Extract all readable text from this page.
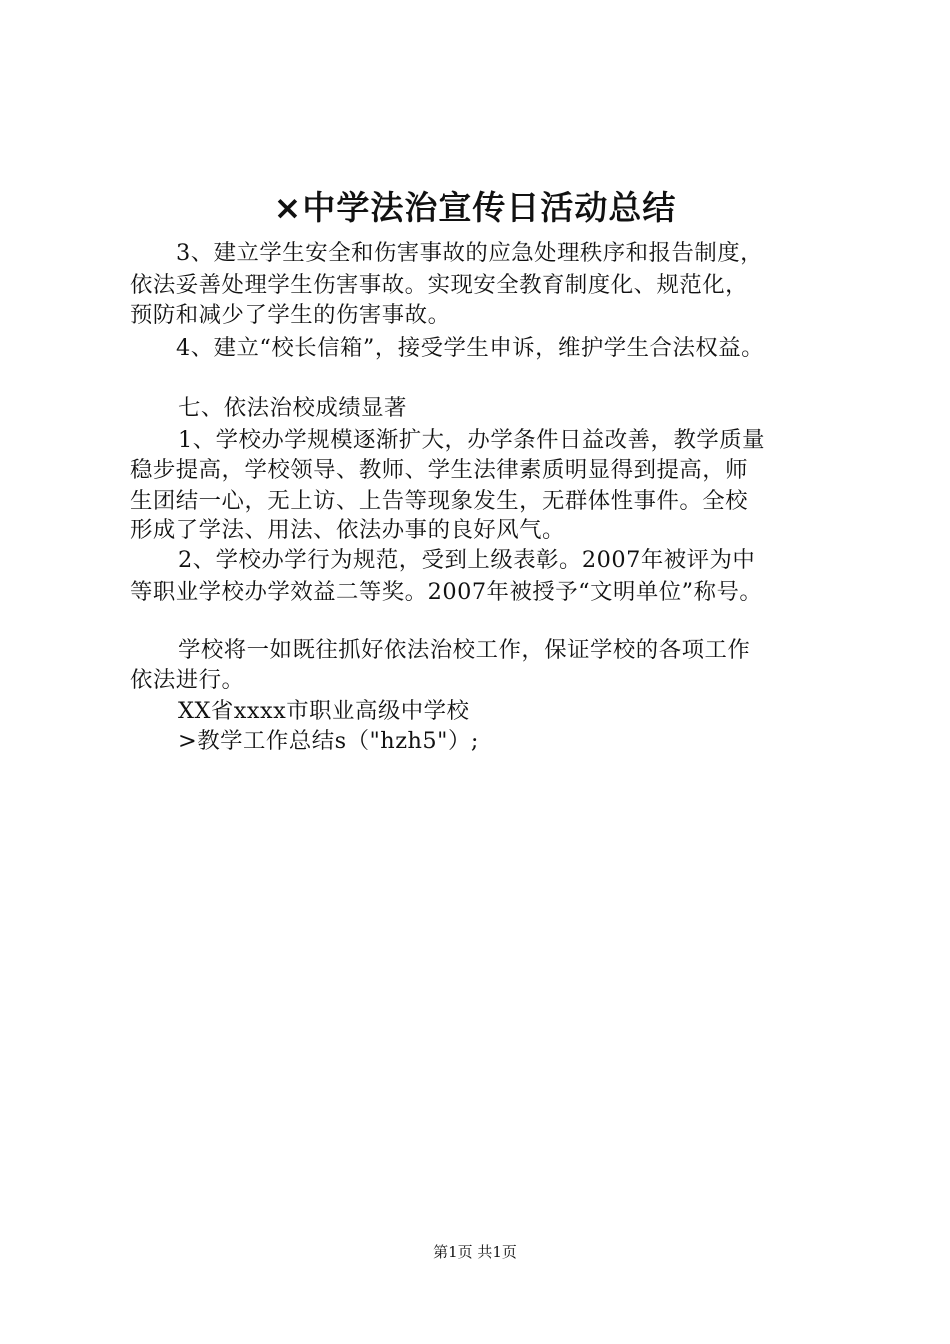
×中学法治宣传日活动总结
3、建立学生安全和伤害事故的应急处理秩序和报告制度，
依法妥善处理学生伤害事故。实现安全教育制度化、规范化，
预防和减少了学生的伤害事故。
4、建立“校长信箱”，接受学生申诉，维护学生合法权益。
七、依法治校成绩显著
1、学校办学规模逐渐扩大，办学条件日益改善，教学质量
稳步提高，学校领导、教师、学生法律素质明显得到提高，师
生团结一心，无上访、上告等现象发生，无群体性事件。全校
形成了学法、用法、依法办事的良好风气。
2、学校办学行为规范，受到上级表彰。2007年被评为中
等职业学校办学效益二等奖。2007年被授予“文明单位”称号。
学校将一如既往抓好依法治校工作，保证学校的各项工作
依法进行。
XX省xxxx市职业高级中学校
>教学工作总结s（"hzh5"）;
第1页 共1页
